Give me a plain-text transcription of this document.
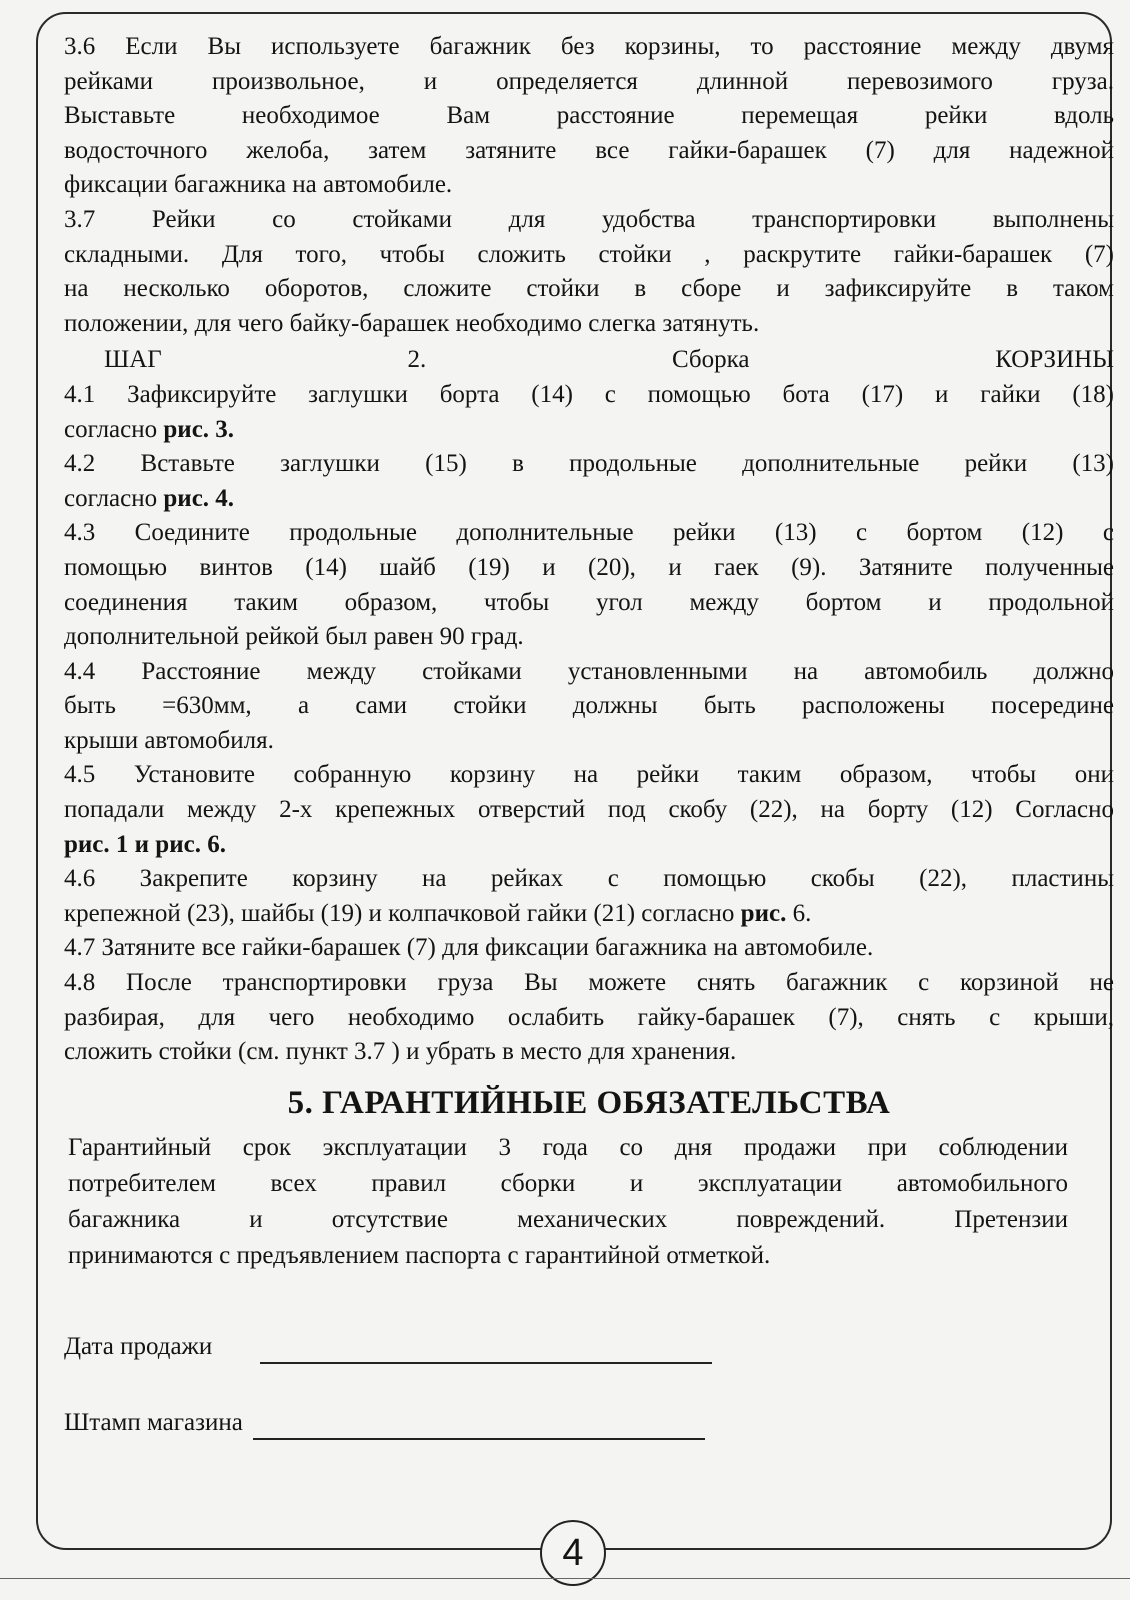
3.6 Если Вы используете багажник без корзины, то расстояние между двумя

рейками произвольное, и определяется длинной перевозимого груза.

Выставьте необходимое Вам расстояние перемещая рейки вдоль

водосточного желоба, затем затяните все гайки-барашек (7) для надежной

фиксации багажника на автомобиле.

3.7 Рейки со стойками для удобства транспортировки выполнены

складными. Для того, чтобы сложить стойки , раскрутите гайки-барашек (7)

на несколько оборотов, сложите стойки в сборе и зафиксируйте в таком

положении, для чего байку-барашек необходимо слегка затянуть.

ШАГ 2. Сборка КОРЗИНЫ

4.1 Зафиксируйте заглушки борта (14) с помощью бота (17) и гайки (18)

согласно рис. 3.

4.2 Вставьте заглушки (15) в продольные дополнительные рейки (13)

согласно рис. 4.

4.3 Соедините продольные дополнительные рейки (13) с бортом (12) с

помощью винтов (14) шайб (19) и (20), и гаек (9). Затяните полученные

соединения таким образом, чтобы угол между бортом и продольной

дополнительной рейкой был равен 90 град.

4.4 Расстояние между стойками установленными на автомобиль должно

быть =630мм, а сами стойки должны быть расположены посередине

крыши автомобиля.

4.5 Установите собранную корзину на рейки таким образом, чтобы они

попадали между 2-х крепежных отверстий под скобу (22), на борту (12) Согласно

рис. 1 и рис. 6.

4.6 Закрепите корзину на рейках с помощью скобы (22), пластины

крепежной (23), шайбы (19) и колпачковой гайки (21) согласно рис. 6.

4.7 Затяните все гайки-барашек (7) для фиксации багажника на автомобиле.

4.8 После транспортировки груза Вы можете снять багажник с корзиной не

разбирая, для чего необходимо ослабить гайку-барашек (7), снять с крыши,

сложить стойки (см. пункт 3.7 ) и убрать в место для хранения.

5. ГАРАНТИЙНЫЕ ОБЯЗАТЕЛЬСТВА

Гарантийный срок эксплуатации 3 года со дня продажи при соблюдении

потребителем всех правил сборки и эксплуатации автомобильного

багажника и отсутствие механических повреждений. Претензии

принимаются с предъявлением паспорта с гарантийной отметкой.

Дата продажи
Штамп магазина
4
